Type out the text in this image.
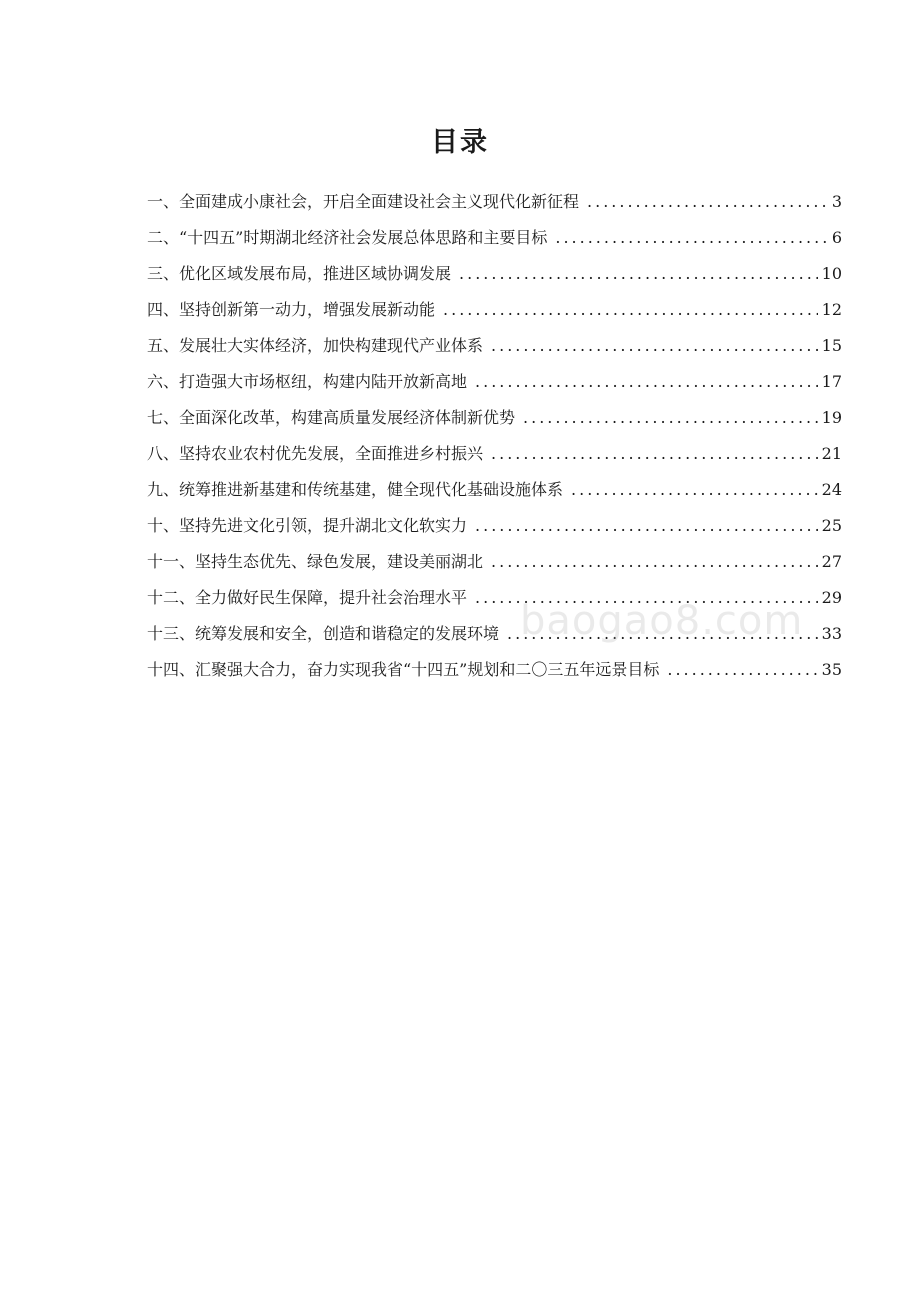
目录
一、全面建成小康社会，开启全面建设社会主义现代化新征程 .....	3
二、“十四五”时期湖北经济社会发展总体思路和主要目标 .....	6
三、优化区域发展布局，推进区域协调发展 .....	10
四、坚持创新第一动力，增强发展新动能 .....	12
五、发展壮大实体经济，加快构建现代产业体系 .....	15
六、打造强大市场枢纽，构建内陆开放新高地 .....	17
七、全面深化改革，构建高质量发展经济体制新优势 .....	19
八、坚持农业农村优先发展，全面推进乡村振兴 .....	21
九、统筹推进新基建和传统基建，健全现代化基础设施体系 .....	24
十、坚持先进文化引领，提升湖北文化软实力 .....	25
十一、坚持生态优先、绿色发展，建设美丽湖北 .....	27
十二、全力做好民生保障，提升社会治理水平 .....	29
十三、统筹发展和安全，创造和谐稳定的发展环境 .....	33
十四、汇聚强大合力，奋力实现我省“十四五”规划和二〇三五年远景目标 .....	35
baogao8.com
